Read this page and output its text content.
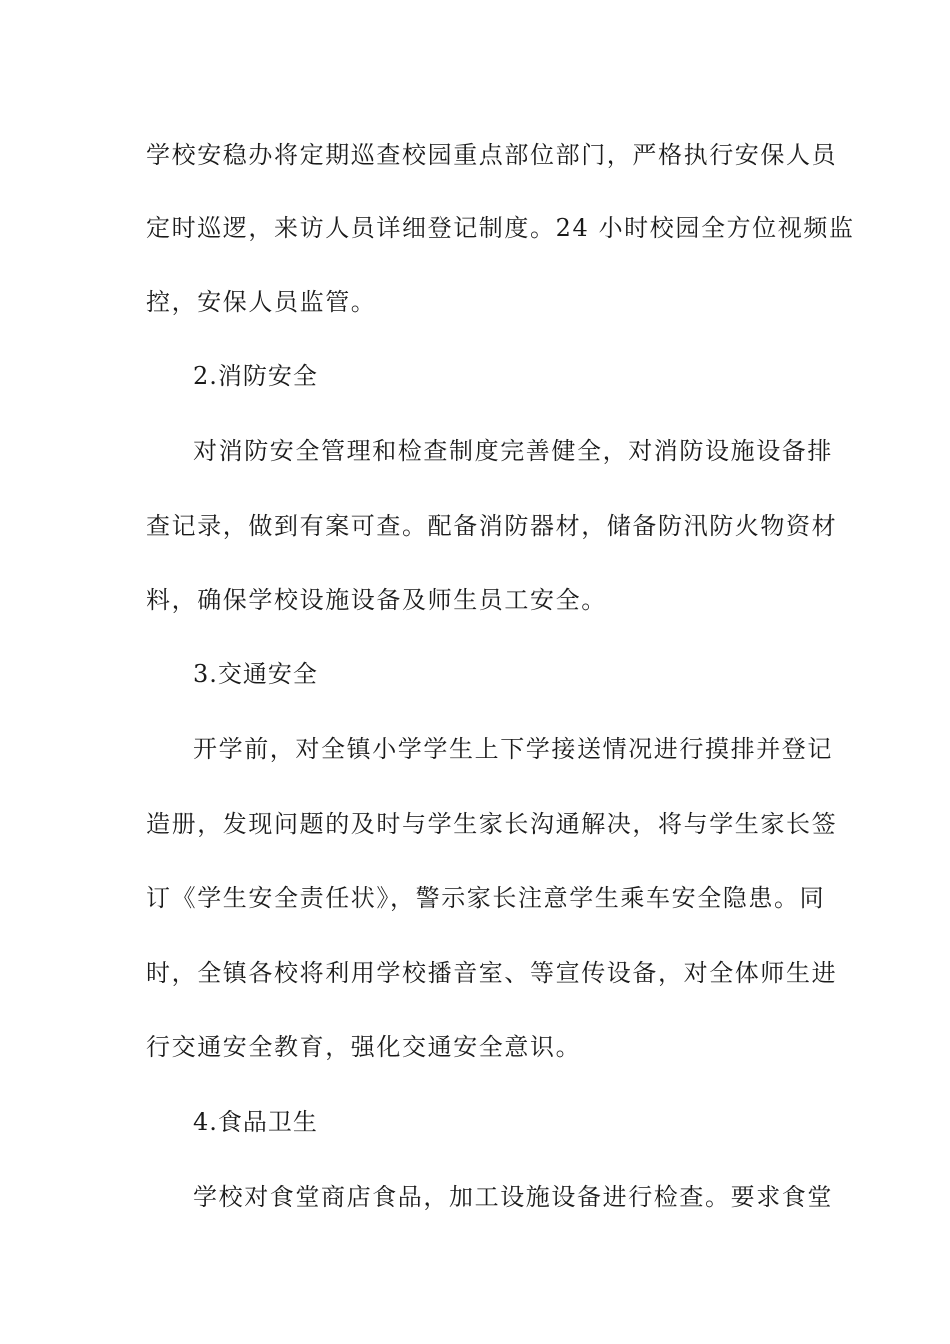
学校安稳办将定期巡查校园重点部位部门，严格执行安保人员
定时巡逻，来访人员详细登记制度。24 小时校园全方位视频监
控，安保人员监管。
2.消防安全
对消防安全管理和检查制度完善健全，对消防设施设备排
查记录，做到有案可查。配备消防器材，储备防汛防火物资材
料，确保学校设施设备及师生员工安全。
3.交通安全
开学前，对全镇小学学生上下学接送情况进行摸排并登记
造册，发现问题的及时与学生家长沟通解决，将与学生家长签
订《学生安全责任状》，警示家长注意学生乘车安全隐患。同
时，全镇各校将利用学校播音室、等宣传设备，对全体师生进
行交通安全教育，强化交通安全意识。
4.食品卫生
学校对食堂商店食品，加工设施设备进行检查。要求食堂
